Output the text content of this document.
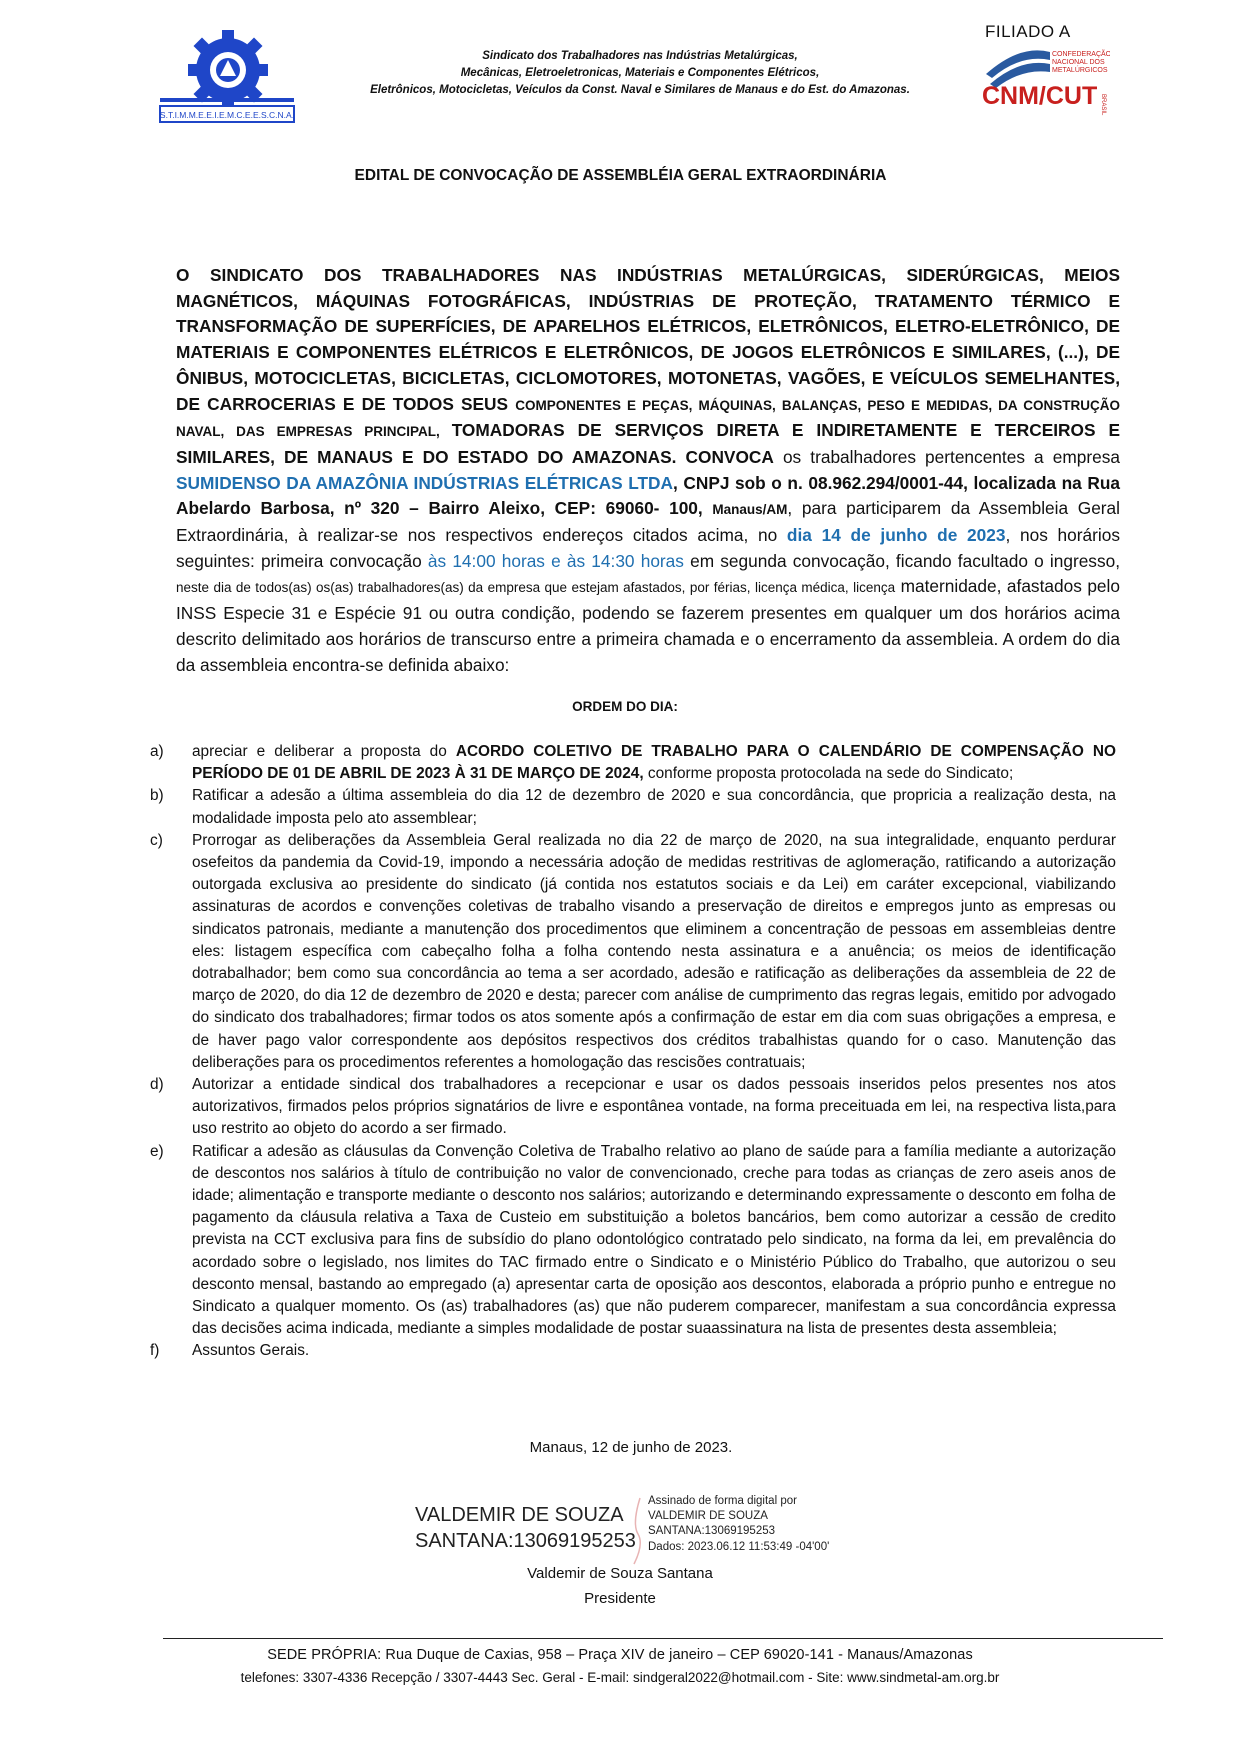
S.T.I.M.M.E.E.I.E.M.C.E.E.S.C.N.A.
Sindicato dos Trabalhadores nas Indústrias Metalúrgicas,
Mecânicas, Eletroeletronicas, Materiais e Componentes Elétricos,
Eletrônicos, Motocicletas, Veículos da Const. Naval e Similares de Manaus e do Est. do Amazonas.
FILIADO A
CONFEDERAÇÃO
NACIONAL DOS
METALÚRGICOS
CNM/CUT BRASIL
EDITAL DE CONVOCAÇÃO DE ASSEMBLÉIA GERAL EXTRAORDINÁRIA
O SINDICATO DOS TRABALHADORES NAS INDÚSTRIAS METALÚRGICAS, SIDERÚRGICAS, MEIOS MAGNÉTICOS, MÁQUINAS FOTOGRÁFICAS, INDÚSTRIAS DE PROTEÇÃO, TRATAMENTO TÉRMICO E TRANSFORMAÇÃO DE SUPERFÍCIES, DE APARELHOS ELÉTRICOS, ELETRÔNICOS, ELETRO-ELETRÔNICO, DE MATERIAIS E COMPONENTES ELÉTRICOS E ELETRÔNICOS, DE JOGOS ELETRÔNICOS E SIMILARES, (...), DE ÔNIBUS, MOTOCICLETAS, BICICLETAS, CICLOMOTORES, MOTONETAS, VAGÕES, E VEÍCULOS SEMELHANTES, DE CARROCERIAS E DE TODOS SEUS COMPONENTES E PEÇAS, MÁQUINAS, BALANÇAS, PESO E MEDIDAS, DA CONSTRUÇÃO NAVAL, DAS EMPRESAS PRINCIPAL, TOMADORAS DE SERVIÇOS DIRETA E INDIRETAMENTE E TERCEIROS E SIMILARES, DE MANAUS E DO ESTADO DO AMAZONAS. CONVOCA os trabalhadores pertencentes a empresa SUMIDENSO DA AMAZÔNIA INDÚSTRIAS ELÉTRICAS LTDA, CNPJ sob o n. 08.962.294/0001-44, localizada na Rua Abelardo Barbosa, nº 320 – Bairro Aleixo, CEP: 69060- 100, Manaus/AM, para participarem da Assembleia Geral Extraordinária, à realizar-se nos respectivos endereços citados acima, no dia 14 de junho de 2023, nos horários seguintes: primeira convocação às 14:00 horas e às 14:30 horas em segunda convocação, ficando facultado o ingresso, neste dia de todos(as) os(as) trabalhadores(as) da empresa que estejam afastados, por férias, licença médica, licença maternidade, afastados pelo INSS Especie 31 e Espécie 91 ou outra condição, podendo se fazerem presentes em qualquer um dos horários acima descrito delimitado aos horários de transcurso entre a primeira chamada e o encerramento da assembleia. A ordem do dia da assembleia encontra-se definida abaixo:
ORDEM DO DIA:
a)	apreciar e deliberar a proposta do ACORDO COLETIVO DE TRABALHO PARA O CALENDÁRIO DE COMPENSAÇÃO NO PERÍODO DE 01 DE ABRIL DE 2023 À 31 DE MARÇO DE 2024, conforme proposta protocolada na sede do Sindicato;
b)	Ratificar a adesão a última assembleia do dia 12 de dezembro de 2020 e sua concordância, que propricia a realização desta, na modalidade imposta pelo ato assemblear;
c)	Prorrogar as deliberações da Assembleia Geral realizada no dia 22 de março de 2020, na sua integralidade, enquanto perdurar osefeitos da pandemia da Covid-19, impondo a necessária adoção de medidas restritivas de aglomeração, ratificando a autorização outorgada exclusiva ao presidente do sindicato (já contida nos estatutos sociais e da Lei) em caráter excepcional, viabilizando assinaturas de acordos e convenções coletivas de trabalho visando a preservação de direitos e empregos junto as empresas ou sindicatos patronais, mediante a manutenção dos procedimentos que eliminem a concentração de pessoas em assembleias dentre eles: listagem específica com cabeçalho folha a folha contendo nesta assinatura e a anuência; os meios de identificação dotrabalhador; bem como sua concordância ao tema a ser acordado, adesão e ratificação as deliberações da assembleia de 22 de março de 2020, do dia 12 de dezembro de 2020 e desta; parecer com análise de cumprimento das regras legais, emitido por advogado do sindicato dos trabalhadores; firmar todos os atos somente após a confirmação de estar em dia com suas obrigações a empresa, e de haver pago valor correspondente aos depósitos respectivos dos créditos trabalhistas quando for o caso. Manutenção das deliberações para os procedimentos referentes a homologação das rescisões contratuais;
d)	Autorizar a entidade sindical dos trabalhadores a recepcionar e usar os dados pessoais inseridos pelos presentes nos atos autorizativos, firmados pelos próprios signatários de livre e espontânea vontade, na forma preceituada em lei, na respectiva lista,para uso restrito ao objeto do acordo a ser firmado.
e)	Ratificar a adesão as cláusulas da Convenção Coletiva de Trabalho relativo ao plano de saúde para a família mediante a autorização de descontos nos salários à título de contribuição no valor de convencionado, creche para todas as crianças de zero aseis anos de idade; alimentação e transporte mediante o desconto nos salários; autorizando e determinando expressamente o desconto em folha de pagamento da cláusula relativa a Taxa de Custeio em substituição a boletos bancários, bem como autorizar a cessão de credito prevista na CCT exclusiva para fins de subsídio do plano odontológico contratado pelo sindicato, na forma da lei, em prevalência do acordado sobre o legislado, nos limites do TAC firmado entre o Sindicato e o Ministério Público do Trabalho, que autorizou o seu desconto mensal, bastando ao empregado (a) apresentar carta de oposição aos descontos, elaborada a próprio punho e entregue no Sindicato a qualquer momento. Os (as) trabalhadores (as) que não puderem comparecer, manifestam a sua concordância expressa das decisões acima indicada, mediante a simples modalidade de postar suaassinatura na lista de presentes desta assembleia;
f)	Assuntos Gerais.
Manaus, 12 de junho de 2023.
VALDEMIR DE SOUZA
SANTANA:13069195253
Assinado de forma digital por
VALDEMIR DE SOUZA
SANTANA:13069195253
Dados: 2023.06.12 11:53:49 -04'00'
Valdemir de Souza Santana
Presidente
SEDE PRÓPRIA: Rua Duque de Caxias, 958 – Praça XIV de janeiro – CEP 69020-141 - Manaus/Amazonas
telefones: 3307-4336 Recepção / 3307-4443 Sec. Geral - E-mail: sindgeral2022@hotmail.com - Site: www.sindmetal-am.org.br
